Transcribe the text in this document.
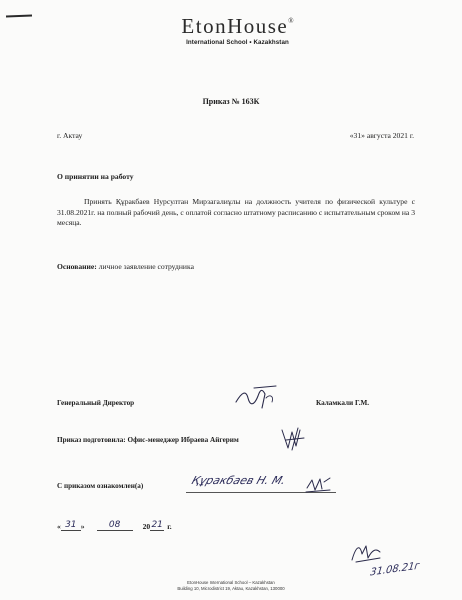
EtonHouse®
International School • Kazakhstan
Приказ № 163К
г. Актау	«31» августа 2021 г.
О принятии на работу
Принять Құракбаев Нурсултан Мирзагалиұлы на должность учителя по физической культуре с 31.08.2021г. на полный рабочий день, с оплатой согласно штатному расписанию с испытательным сроком на 3 месяца.
Основание: личное заявление сотрудника
Генеральный Директор	Каламкали Г.М.
Приказ подготовила: Офис-менеджер Ибраева Айгерим
С приказом ознакомлен(а)	Құракбаев Н. М.
« 31 »	08	20 21 г.
31.08.21г
EtonHouse International School – Kazakhstan
Building 10, Microdistrict 19, Aktau, Kazakhstan, 130000
